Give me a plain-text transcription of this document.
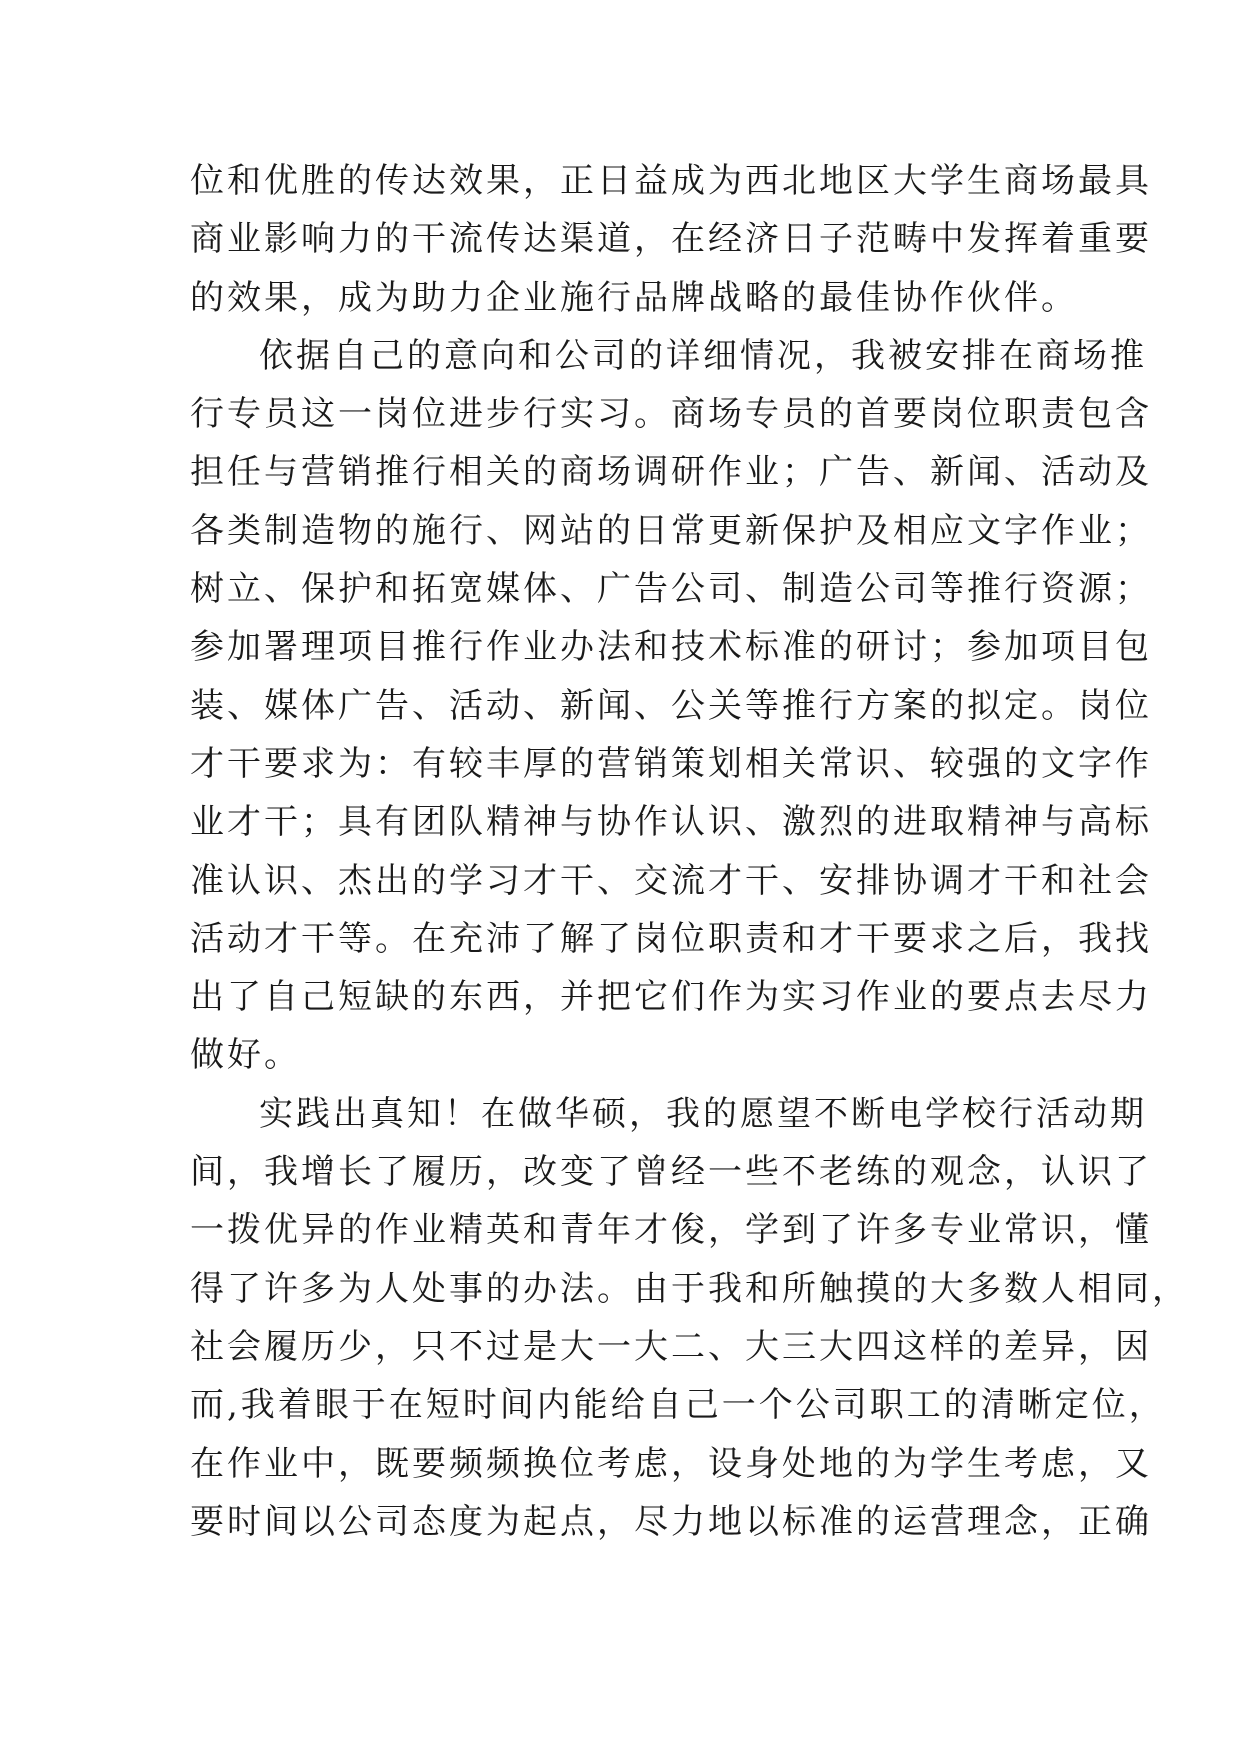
位和优胜的传达效果，正日益成为西北地区大学生商场最具
商业影响力的干流传达渠道，在经济日子范畴中发挥着重要
的效果，成为助力企业施行品牌战略的最佳协作伙伴。
依据自己的意向和公司的详细情况，我被安排在商场推
行专员这一岗位进步行实习。商场专员的首要岗位职责包含
担任与营销推行相关的商场调研作业；广告、新闻、活动及
各类制造物的施行、网站的日常更新保护及相应文字作业；
树立、保护和拓宽媒体、广告公司、制造公司等推行资源；
参加署理项目推行作业办法和技术标准的研讨；参加项目包
装、媒体广告、活动、新闻、公关等推行方案的拟定。岗位
才干要求为：有较丰厚的营销策划相关常识、较强的文字作
业才干；具有团队精神与协作认识、激烈的进取精神与高标
准认识、杰出的学习才干、交流才干、安排协调才干和社会
活动才干等。在充沛了解了岗位职责和才干要求之后，我找
出了自己短缺的东西，并把它们作为实习作业的要点去尽力
做好。
实践出真知！在做华硕，我的愿望不断电学校行活动期
间，我增长了履历，改变了曾经一些不老练的观念，认识了
一拨优异的作业精英和青年才俊，学到了许多专业常识，懂
得了许多为人处事的办法。由于我和所触摸的大多数人相同，
社会履历少，只不过是大一大二、大三大四这样的差异，因
而,我着眼于在短时间内能给自己一个公司职工的清晰定位，
在作业中，既要频频换位考虑，设身处地的为学生考虑，又
要时间以公司态度为起点，尽力地以标准的运营理念，正确
